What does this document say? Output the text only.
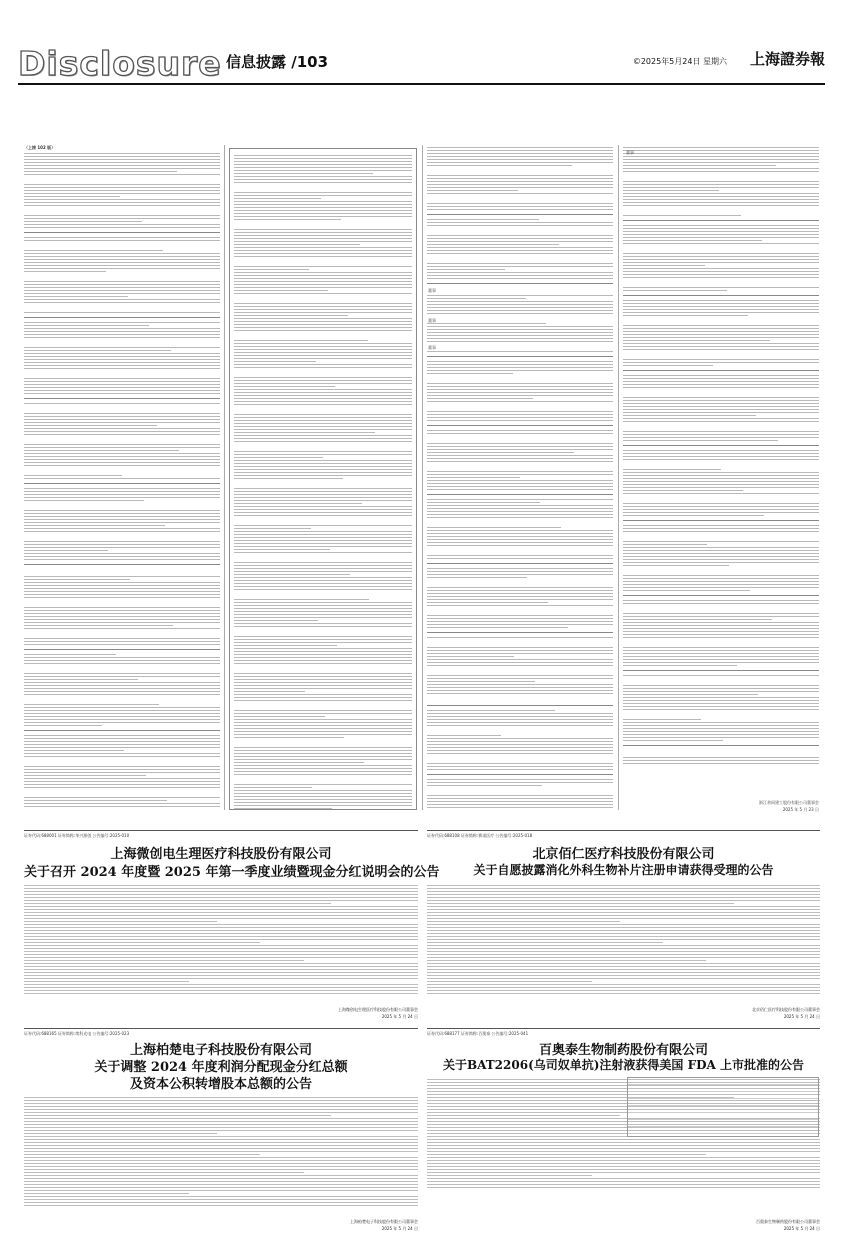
Disclosure 信息披露 /103	©2025年5月24日 星期六 上海證券報
（上接 102 版）
董事
董事
董事
董事
浙江余同建工股份有限公司董事会
2025 年 5 月 23 日
证券代码:688001 证券简称:华兴源创 公告编号:2025-010
上海微创电生理医疗科技股份有限公司
关于召开 2024 年度暨 2025 年第一季度业绩暨现金分红说明会的公告
上海微创电生理医疗科技股份有限公司董事会
2025 年 5 月 24 日
证券代码:688108 证券简称:赛诺医疗 公告编号:2025-018
北京佰仁医疗科技股份有限公司
关于自愿披露消化外科生物补片注册申请获得受理的公告
北京佰仁医疗科技股份有限公司董事会
2025 年 5 月 24 日
证券代码:688165 证券简称:埃科光电 公告编号:2025-023
上海柏楚电子科技股份有限公司
关于调整 2024 年度利润分配现金分红总额
及资本公积转增股本总额的公告
上海柏楚电子科技股份有限公司董事会
2025 年 5 月 24 日
证券代码:688177 证券简称:百奥泰 公告编号:2025-041
百奥泰生物制药股份有限公司
关于BAT2206(乌司奴单抗)注射液获得美国 FDA 上市批准的公告
百奥泰生物制药股份有限公司董事会
2025 年 5 月 24 日
